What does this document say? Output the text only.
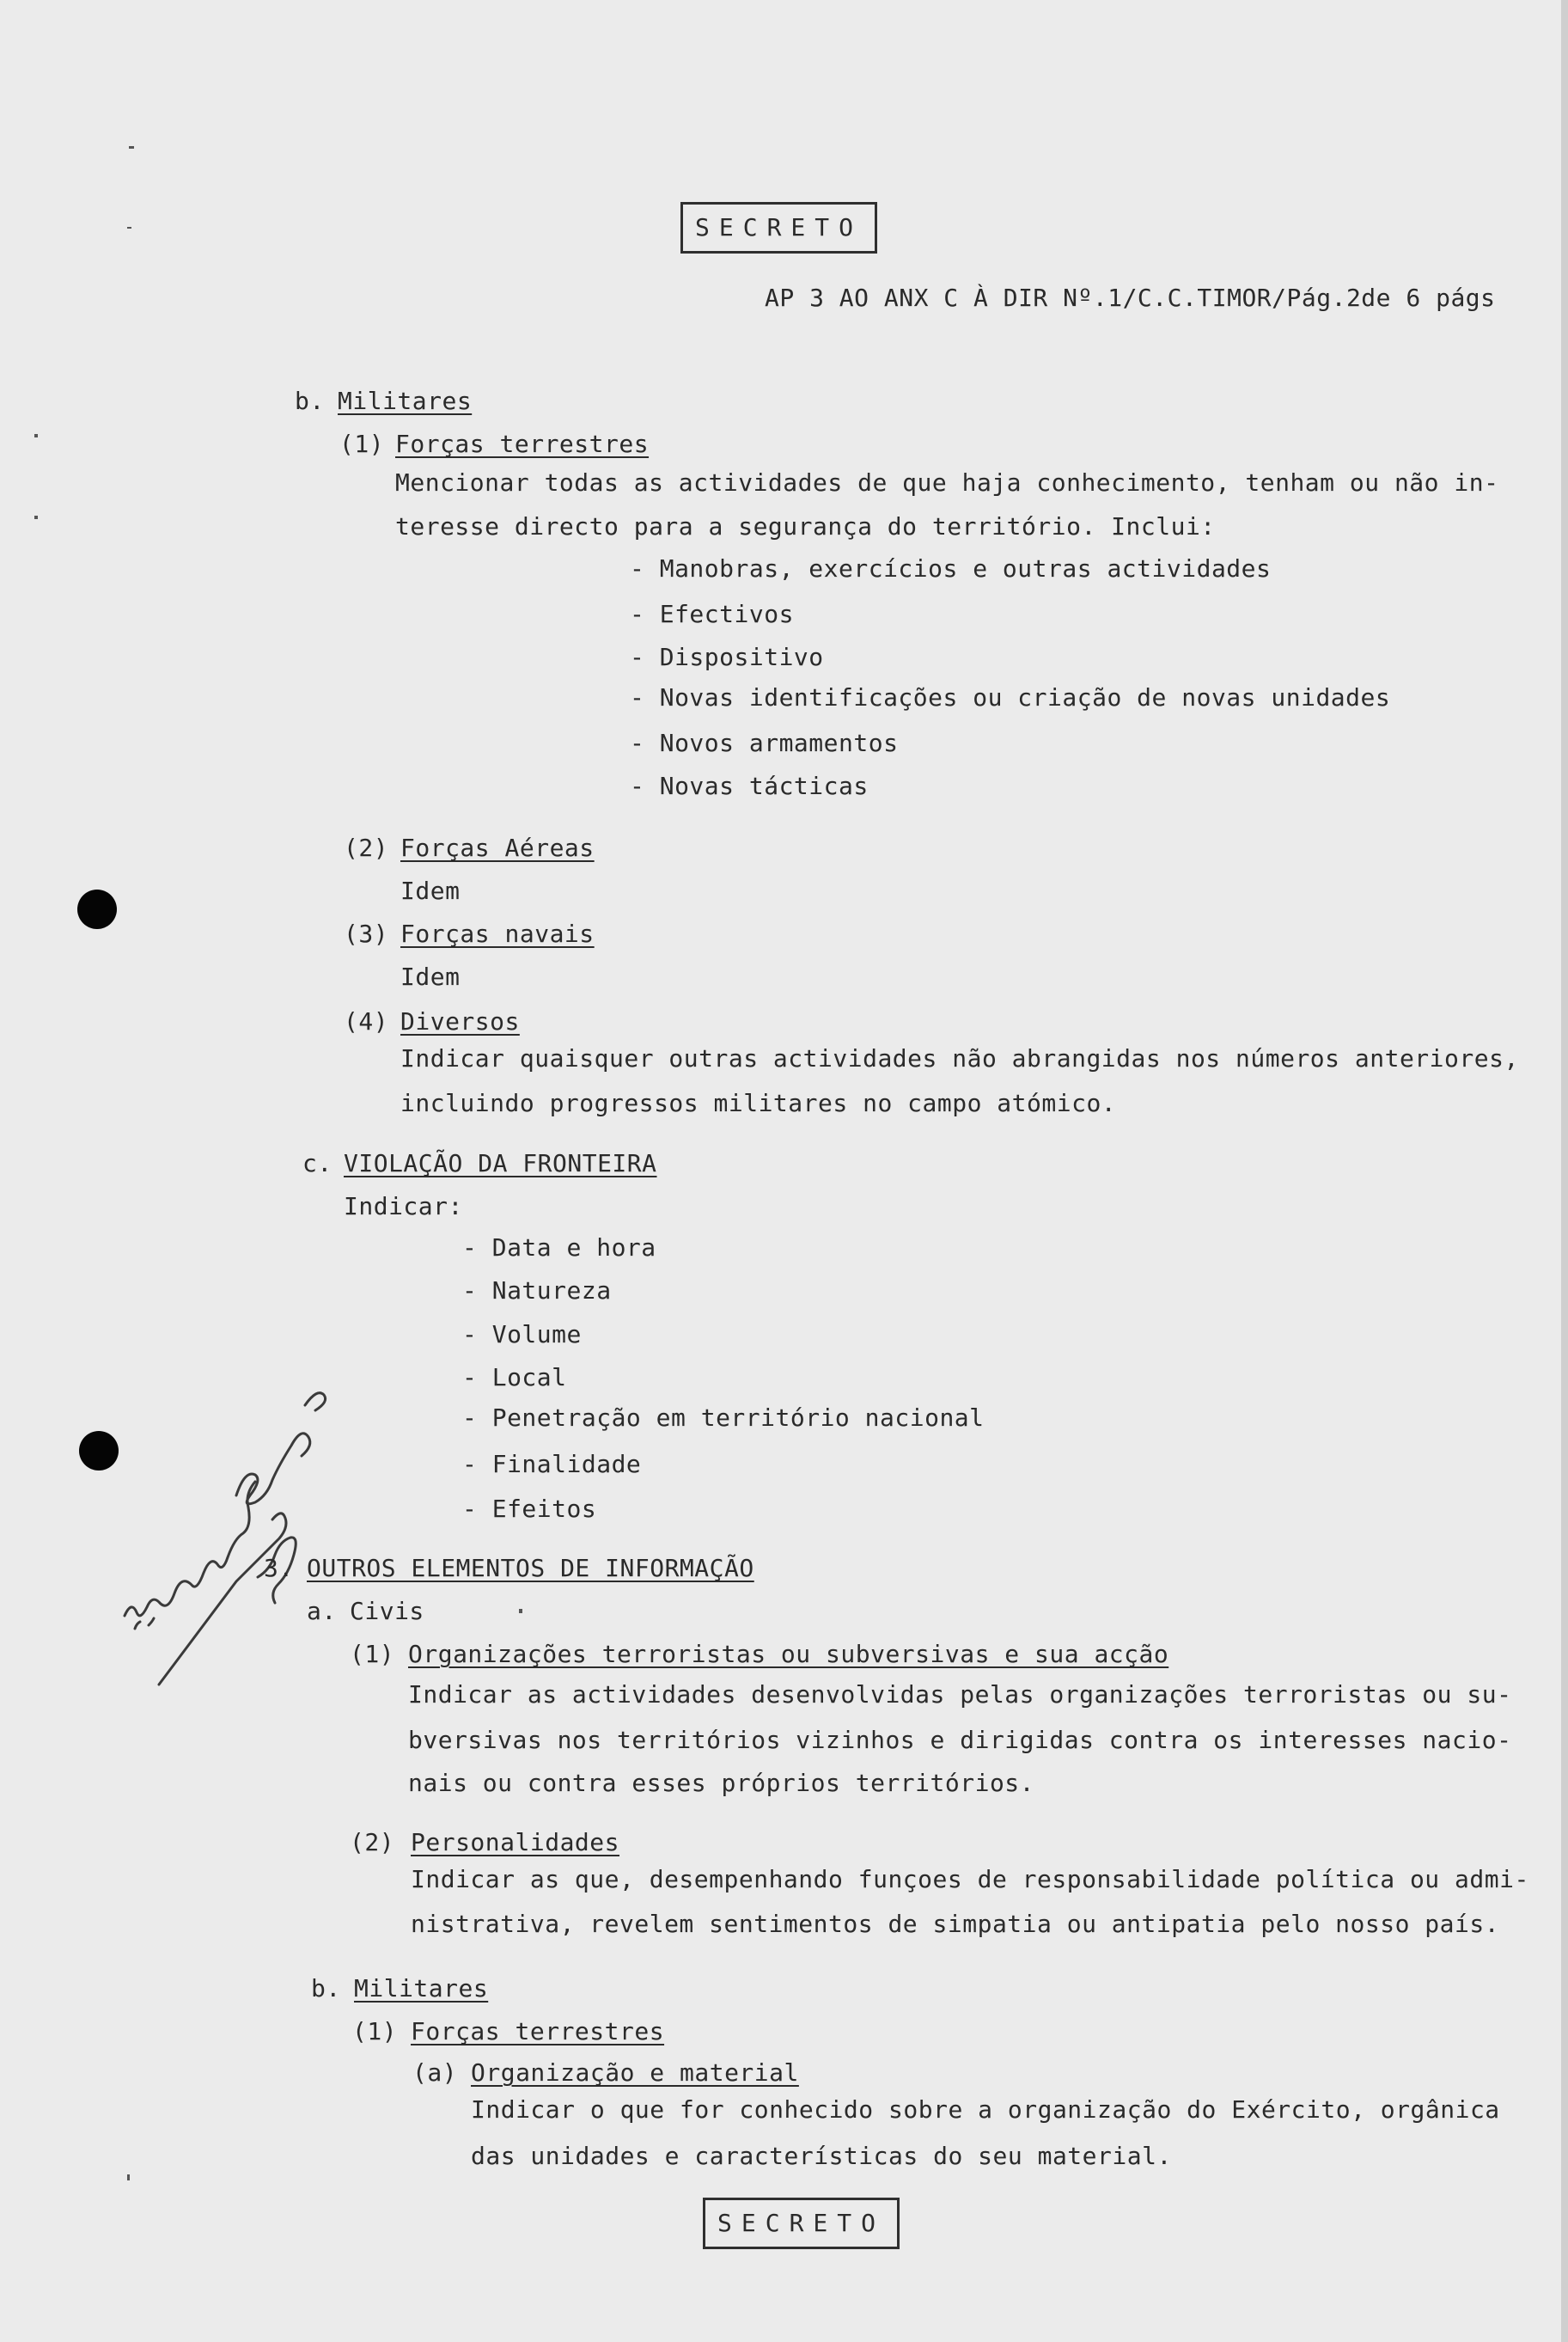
SECRETO
AP 3 AO ANX C À DIR Nº.1/C.C.TIMOR/Pág.2de 6 págs
b. Militares
(1) Forças terrestres
Mencionar todas as actividades de que haja conhecimento, tenham ou não in-
teresse directo para a segurança do território. Inclui:
- Manobras, exercícios e outras actividades
- Efectivos
- Dispositivo
- Novas identificações ou criação de novas unidades
- Novos armamentos
- Novas tácticas
(2) Forças Aéreas
Idem
(3) Forças navais
Idem
(4) Diversos
Indicar quaisquer outras actividades não abrangidas nos números anteriores,
incluindo progressos militares no campo atómico.
c. VIOLAÇÃO DA FRONTEIRA
Indicar:
- Data e hora
- Natureza
- Volume
- Local
- Penetração em território nacional
- Finalidade
- Efeitos
3. OUTROS ELEMENTOS DE INFORMAÇÃO
a. Civis
(1) Organizações terroristas ou subversivas e sua acção
Indicar as actividades desenvolvidas pelas organizações terroristas ou su-
bversivas nos territórios vizinhos e dirigidas contra os interesses nacio-
nais ou contra esses próprios territórios.
(2) Personalidades
Indicar as que, desempenhando funçoes de responsabilidade política ou admi-
nistrativa, revelem sentimentos de simpatia ou antipatia pelo nosso país.
b. Militares
(1) Forças terrestres
(a) Organização e material
Indicar o que for conhecido sobre a organização do Exército, orgânica
das unidades e características do seu material.
SECRETO
